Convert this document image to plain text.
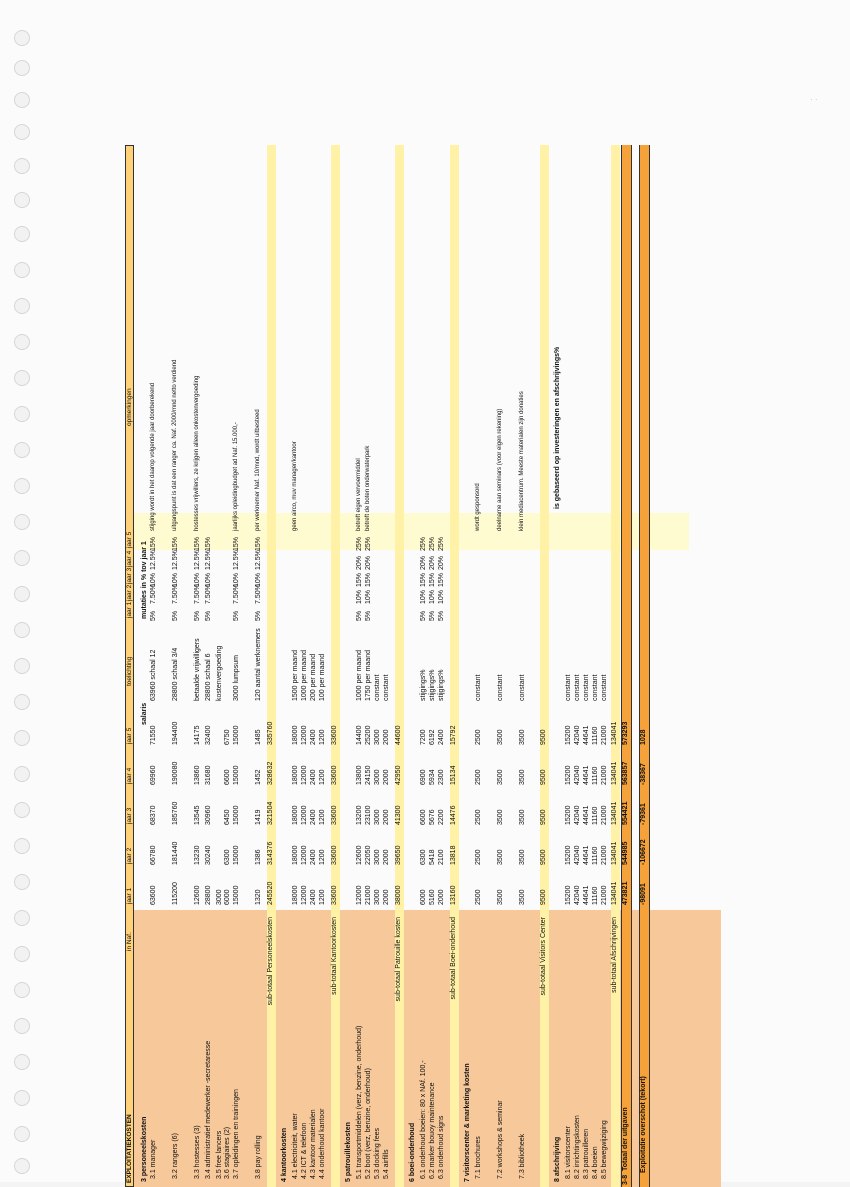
· ·
EXPLOITATIEKOSTEN
in Naf.
jaar 1
jaar 2
jaar 3
jaar 4
jaar 5
toelichting
jaar 1
jaar 2
jaar 3
jaar 4
jaar 5
opmerkingen
3 personeelskosten
salaris
mutaties in % tov jaar 1
3.1 manager
63600
66780
68370
69960
71550
63960 schaal 12
5%
7.50%
10%
12.5%
15%
stijging wordt in het daarop volgende jaar doorberekend
3.2 rangers (6)
115200
181440
185760
190080
194400
28800 schaal 3/4
5%
7.50%
10%
12.5%
15%
uitgangspunt is dat een ranger ca. Naf. 2000/mnd netto verdiend
3.3 hostesses (3)
12600
13230
13545
13860
14175
betaalde vrijwilligers
5%
7.50%
10%
12.5%
15%
hostesses vrijwillers, ze krijgen alleen onkostenvergoeding
3.4 administratief medewerker -secretaresse
28800
30240
30960
31680
32400
28800 schaal 6
5%
7.50%
10%
12.5%
15%
3.5 free lancers
3000
kostenvergoeding
3.6 stagiaires (2)
6000
6300
6450
6600
6750
3.7 opleidingen en trainingen
15000
15000
15000
15000
15000
3000 lumpsum
5%
7.50%
10%
12.5%
15%
jaarlijks opleidingbudget ad Naf. 15.000,-
3.8 pay rolling
1320
1386
1419
1452
1485
120 aantal werknemers
5%
7.50%
10%
12.5%
15%
per werknemer Naf. 10/mnd, wordt uitbesteed
sub-totaal Personeelskosten
245520
314376
321504
328632
335760
4 kantoorkosten 4.1 electriciteit, water
18000
18000
18000
18000
18000
1500 per maand
geen airco, muv manager/kantoor
4.2 ICT & telefoon
12000
12000
12000
12000
12000
1000 per maand
4.3 kantoor materialen
2400
2400
2400
2400
2400
200 per maand
4.4 onderhoud kantoor
1200
1200
1200
1200
1200
100 per maand
sub-totaal Kantoorkosten
33600
33600
33600
33600
33600
5 patrouillekosten 5.1 transportmiddelen (verz, benzine, onderhoud)
12000
12600
13200
13800
14400
1000 per maand
5%
10%
15%
20%
25%
betreft eigen vervoermiddel
5.2 boot (verz, benzine, onderhoud)
21000
22050
23100
24150
25200
1750 per maand
5%
10%
15%
20%
25%
betreft de boten onderwaterpark
5.3 docking fees
3000
3000
3000
3000
3000
constant
5.4 airfills
2000
2000
2000
2000
2000
constant
sub-totaal Patrouille kosten
38000
39650
41300
42950
44600
6 boei-onderhoud 6.1 onderhoud boeien: 80 x NAf. 100,-
6000
6300
6600
6900
7200
stijgings%
5%
10%
15%
20%
25%
6.2 marker bouoy maintenance
5160
5418
5676
5934
6192
stijgings%
5%
10%
15%
20%
25%
6.3 onderhoud signs
2000
2100
2200
2300
2400
stijgings%
5%
10%
15%
20%
25%
sub-totaal Boei-onderhoud
13160
13818
14476
15134
15792
7 visitorscenter & marketing kosten 7.1 brochures
2500
2500
2500
2500
2500
constant
wordt gesponsord
7.2 workshops & seminar
3500
3500
3500
3500
3500
constant
deelname aan seminars (voor eigen rekening)
7.3 bibliotheek
3500
3500
3500
3500
3500
constant
klein mediacentrum. Meeste materialen zijn donaties
sub-totaal Visitors Center
9500
9500
9500
9500
9500
8 afschrijving
is gebaseerd op investeringen en afschrijvings%
8.1 visitorscenter
15200
15200
15200
15200
15200
constant
8.2 inrichtingskosten
42040
42040
42040
42040
42040
constant
8.3 patrouilleren
44641
44641
44641
44641
44641
constant
8.4 boeien
11160
11160
11160
11160
11160
constant
8.5 bewegwijziging
21000
21000
21000
21000
21000
constant
sub-totaal Afschrijvingen
134041
134041
134041
134041
134041
3-8
Totaal der uitgaven
473821
544985
554421
563857
573293
Exploitatie overschot (tekort)
-98091
-106672
-79361
-38367
1028
